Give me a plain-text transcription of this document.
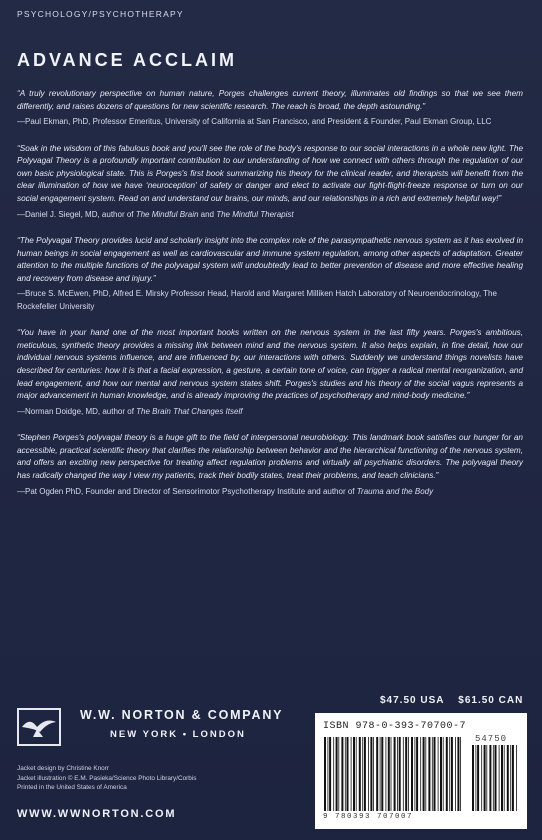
PSYCHOLOGY/PSYCHOTHERAPY
ADVANCE ACCLAIM

“A truly revolutionary perspective on human nature, Porges challenges current theory, illuminates old findings so that we see them differently, and raises dozens of questions for new scientific research. The reach is broad, the depth astounding.”

—Paul Ekman, PhD, Professor Emeritus, University of California at San Francisco, and President & Founder, Paul Ekman Group, LLC

“Soak in the wisdom of this fabulous book and you'll see the role of the body's response to our social interactions in a whole new light. The Polyvagal Theory is a profoundly important contribution to our understanding of how we connect with others through the regulation of our own basic physiological state. This is Porges's first book summarizing his theory for the clinical reader, and therapists will benefit from the clear illumination of how we have ‘neuroception’ of safety or danger and elect to activate our fight-flight-freeze response or turn on our social engagement system. Read on and understand our brains, our minds, and our relationships in a rich and extremely helpful way!”

—Daniel J. Siegel, MD, author of The Mindful Brain and The Mindful Therapist

“The Polyvagal Theory provides lucid and scholarly insight into the complex role of the parasympathetic nervous system as it has evolved in human beings in social engagement as well as cardiovascular and immune system regulation, among other aspects of adaptation. Greater attention to the multiple functions of the polyvagal system will undoubtedly lead to better prevention of disease and more effective healing and recovery from disease and injury.”

—Bruce S. McEwen, PhD, Alfred E. Mirsky Professor Head, Harold and Margaret Milliken Hatch Laboratory of Neuroendocrinology, The Rockefeller University

“You have in your hand one of the most important books written on the nervous system in the last fifty years. Porges's ambitious, meticulous, synthetic theory provides a missing link between mind and the nervous system. It also helps explain, in fine detail, how our individual nervous systems influence, and are influenced by, our interactions with others. Suddenly we understand things novelists have described for centuries: how it is that a facial expression, a gesture, a certain tone of voice, can trigger a radical mental reorganization, and lead engagement, and how our mental and nervous system states shift. Porges's studies and his theory of the social vagus represents a major advancement in human knowledge, and is already improving the practices of psychotherapy and mind-body medicine.”

—Norman Doidge, MD, author of The Brain That Changes Itself

“Stephen Porges's polyvagal theory is a huge gift to the field of interpersonal neurobiology. This landmark book satisfies our hunger for an accessible, practical scientific theory that clarifies the relationship between behavior and the hierarchical functioning of the nervous system, and offers an exciting new perspective for treating affect regulation problems and virtually all psychiatric disorders. The polyvagal theory has radically changed the way I view my patients, track their bodily states, treat their problems, and teach clinicians.”

—Pat Ogden PhD, Founder and Director of Sensorimotor Psychotherapy Institute and author of Trauma and the Body

$47.50 USA $61.50 CAN
W.W. NORTON & COMPANY
NEW YORK • LONDON
Jacket design by Christine Knorr
Jacket illustration © E.M. Pasieka/Science Photo Library/Corbis
Printed in the United States of America
WWW.WWNORTON.COM
ISBN 978-0-393-70700-7
54750
9 780393 707007
